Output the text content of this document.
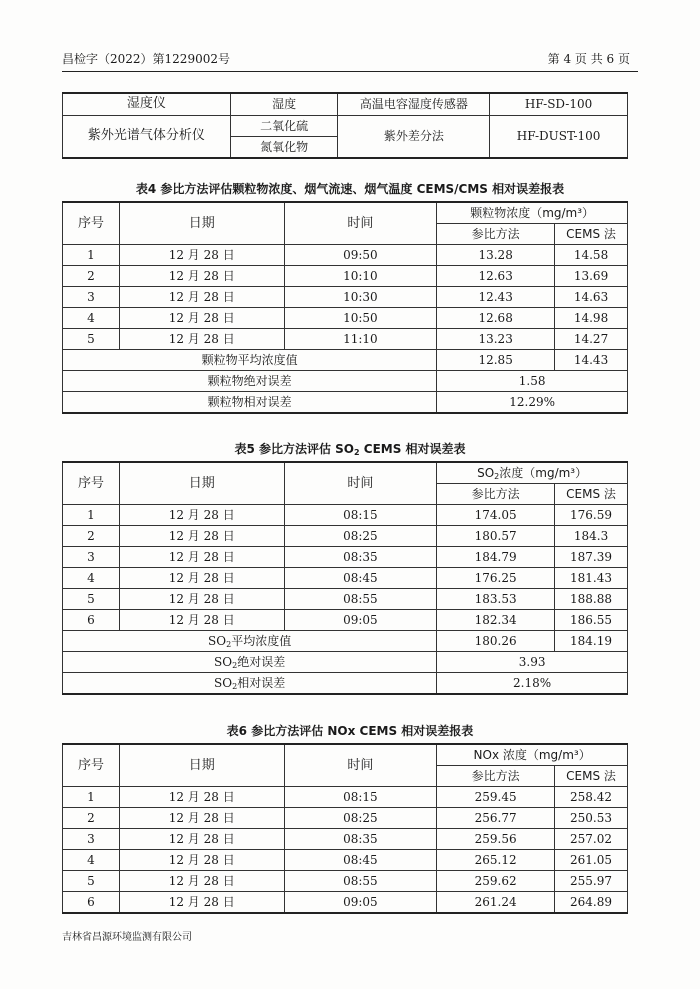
昌检字（2022）第1229002号	第 4 页 共 6 页
湿度仪	湿度	高温电容湿度传感器	HF-SD-100
紫外光谱气体分析仪	二氧化硫	紫外差分法	HF-DUST-100
	氮氧化物		
表4 参比方法评估颗粒物浓度、烟气流速、烟气温度 CEMS/CMS 相对误差报表
序号	日期	时间	颗粒物浓度（mg/m³）	
			参比方法	CEMS 法
1	12 月 28 日	09:50	13.28	14.58
2	12 月 28 日	10:10	12.63	13.69
3	12 月 28 日	10:30	12.43	14.63
4	12 月 28 日	10:50	12.68	14.98
5	12 月 28 日	11:10	13.23	14.27
颗粒物平均浓度值			12.85	14.43
颗粒物绝对误差			1.58	
颗粒物相对误差			12.29%	
表5 参比方法评估 $SO_2$ CEMS 相对误差表
序号	日期	时间	$SO_2$浓度（mg/m³）	
			参比方法	CEMS 法
1	12 月 28 日	08:15	174.05	176.59
2	12 月 28 日	08:25	180.57	184.3
3	12 月 28 日	08:35	184.79	187.39
4	12 月 28 日	08:45	176.25	181.43
5	12 月 28 日	08:55	183.53	188.88
6	12 月 28 日	09:05	182.34	186.55
$SO_2$平均浓度值			180.26	184.19
$SO_2$绝对误差			3.93	
$SO_2$相对误差			2.18%	
表6 参比方法评估 NOx CEMS 相对误差报表
序号	日期	时间	NOx 浓度（mg/m³）	
			参比方法	CEMS 法
1	12 月 28 日	08:15	259.45	258.42
2	12 月 28 日	08:25	256.77	250.53
3	12 月 28 日	08:35	259.56	257.02
4	12 月 28 日	08:45	265.12	261.05
5	12 月 28 日	08:55	259.62	255.97
6	12 月 28 日	09:05	261.24	264.89
吉林省昌源环境监测有限公司
